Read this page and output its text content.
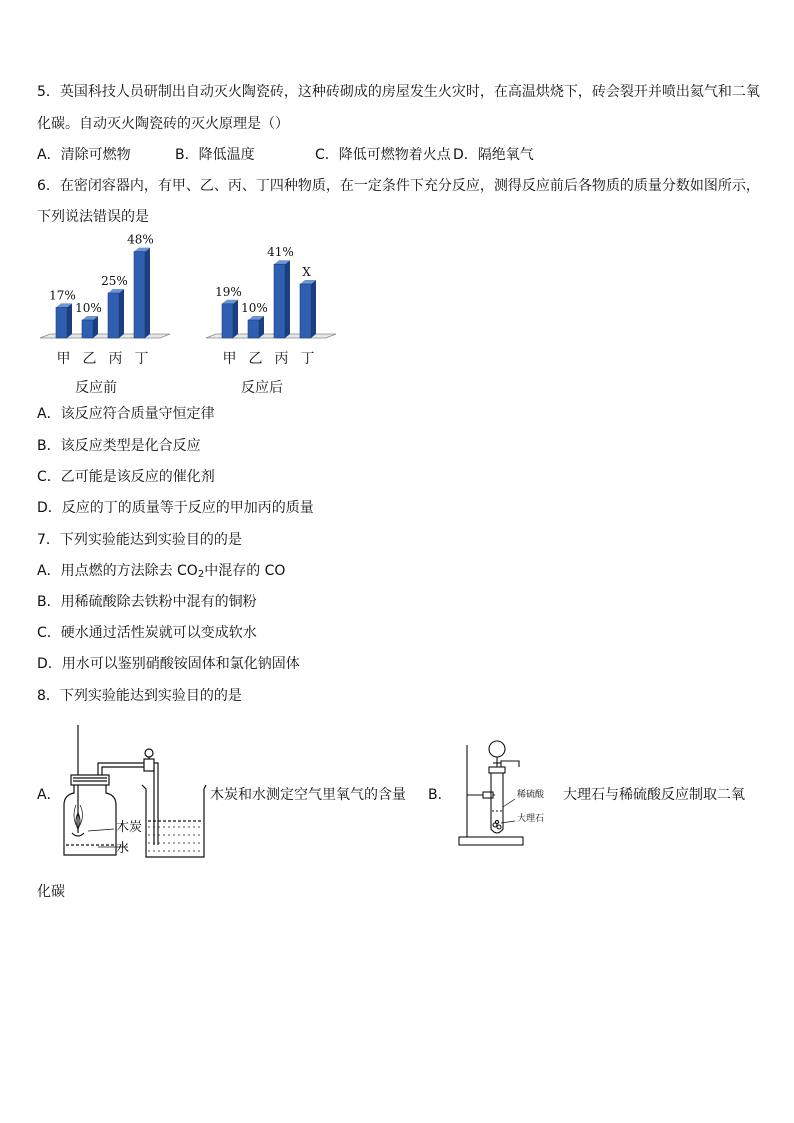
5．英国科技人员研制出自动灭火陶瓷砖，这种砖砌成的房屋发生火灾时，在高温烘烧下，砖会裂开并喷出氦气和二氧
化碳。自动灭火陶瓷砖的灭火原理是（）
A．清除可燃物	B．降低温度	C．降低可燃物着火点 D．隔绝氧气
6．在密闭容器内，有甲、乙、丙、丁四种物质，在一定条件下充分反应，测得反应前后各物质的质量分数如图所示，
下列说法错误的是
17%
甲
10%
乙
25%
丙
48%
丁
反应前
19%
甲
10%
乙
41%
丙
X
丁
反应后
A．该反应符合质量守恒定律
B．该反应类型是化合反应
C．乙可能是该反应的催化剂
D．反应的丁的质量等于反应的甲加丙的质量
7．下列实验能达到实验目的的是
A．用点燃的方法除去 $CO_2$中混存的 CO
B．用稀硫酸除去铁粉中混有的铜粉
C．硬水通过活性炭就可以变成软水
D．用水可以鉴别硝酸铵固体和氯化钠固体
8．下列实验能达到实验目的的是
A．
木炭
水
木炭和水测定空气里氧气的含量 B．	稀硫酸
大理石
大理石与稀硫酸反应制取二氧
化碳
